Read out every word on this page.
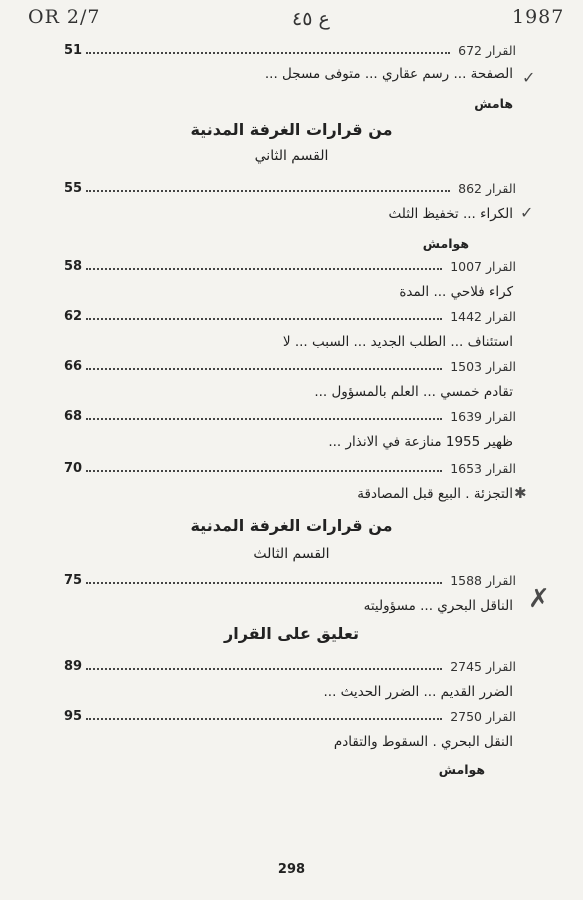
OR 2/7	ع ٤٥	1987
51	القرار 672
الصفحة ... رسم عقاري ... متوفى مسجل ... ✓
هامش
من قرارات الغرفة المدنية
القسم الثاني
55	القرار 862
الكراء ... تخفيظ الثلث ✓
هوامش
58	القرار 1007
كراء فلاحي ... المدة
62	القرار 1442
استئناف ... الطلب الجديد ... السبب ... لا
66	القرار 1503
تقادم خمسي ... العلم بالمسؤول ...
68	القرار 1639
ظهير 1955 منازعة في الانذار ...
70	القرار 1653
التجزئة . البيع قبل المصادقة ✱
من قرارات الغرفة المدنية
القسم الثالث
75	القرار 1588
الناقل البحري ... مسؤوليته ✗
تعليق على القرار
89	القرار 2745
الضرر القديم ... الضرر الحديث ...
95	القرار 2750
النقل البحري . السقوط والتقادم
هوامش
298
